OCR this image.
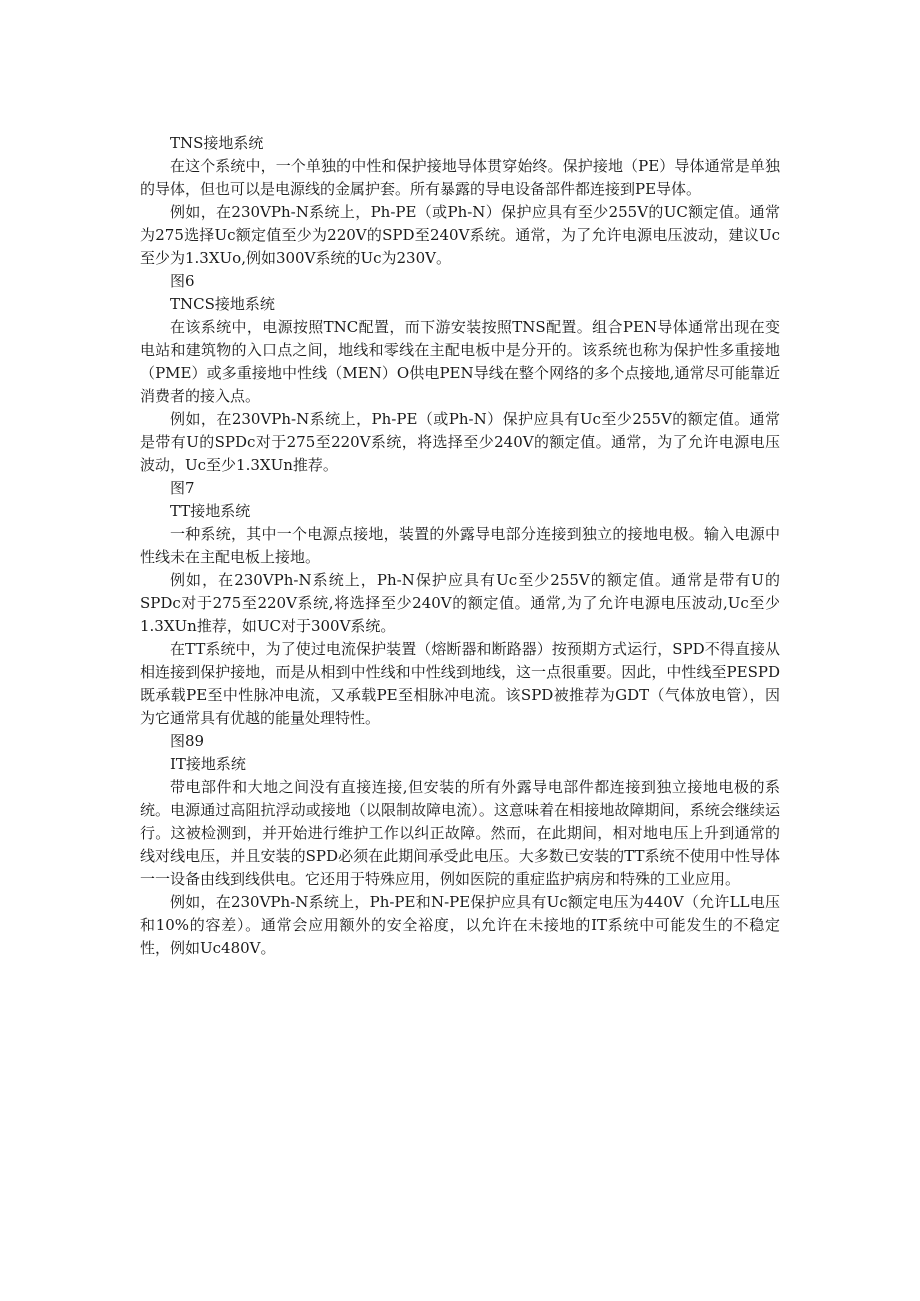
TNS接地系统

在这个系统中，一个单独的中性和保护接地导体贯穿始终。保护接地（PE）导体通常是单独的导体，但也可以是电源线的金属护套。所有暴露的导电设备部件都连接到PE导体。

例如，在230VPh-N系统上，Ph-PE（或Ph-N）保护应具有至少255V的UC额定值。通常为275选择Uc额定值至少为220V的SPD至240V系统。通常，为了允许电源电压波动，建议Uc至少为1.3XUo,例如300V系统的Uc为230V。

图6

TNCS接地系统

在该系统中，电源按照TNC配置，而下游安装按照TNS配置。组合PEN导体通常出现在变电站和建筑物的入口点之间，地线和零线在主配电板中是分开的。该系统也称为保护性多重接地（PME）或多重接地中性线（MEN）O供电PEN导线在整个网络的多个点接地,通常尽可能靠近消费者的接入点。

例如，在230VPh-N系统上，Ph-PE（或Ph-N）保护应具有Uc至少255V的额定值。通常是带有U的SPDc对于275至220V系统，将选择至少240V的额定值。通常，为了允许电源电压波动，Uc至少1.3XUn推荐。

图7

TT接地系统

一种系统，其中一个电源点接地，装置的外露导电部分连接到独立的接地电极。输入电源中性线未在主配电板上接地。

例如，在230VPh-N系统上，Ph-N保护应具有Uc至少255V的额定值。通常是带有U的SPDc对于275至220V系统,将选择至少240V的额定值。通常,为了允许电源电压波动,Uc至少1.3XUn推荐，如UC对于300V系统。

在TT系统中，为了使过电流保护装置（熔断器和断路器）按预期方式运行，SPD不得直接从相连接到保护接地，而是从相到中性线和中性线到地线，这一点很重要。因此，中性线至PESPD既承载PE至中性脉冲电流，又承载PE至相脉冲电流。该SPD被推荐为GDT（气体放电管），因为它通常具有优越的能量处理特性。

图89

IT接地系统

带电部件和大地之间没有直接连接,但安装的所有外露导电部件都连接到独立接地电极的系统。电源通过高阻抗浮动或接地（以限制故障电流）。这意味着在相接地故障期间，系统会继续运行。这被检测到，并开始进行维护工作以纠正故障。然而，在此期间，相对地电压上升到通常的线对线电压，并且安装的SPD必须在此期间承受此电压。大多数已安装的TT系统不使用中性导体一一设备由线到线供电。它还用于特殊应用，例如医院的重症监护病房和特殊的工业应用。

例如，在230VPh-N系统上，Ph-PE和N-PE保护应具有Uc额定电压为440V（允许LL电压和10%的容差）。通常会应用额外的安全裕度，以允许在未接地的IT系统中可能发生的不稳定性，例如Uc480V。
